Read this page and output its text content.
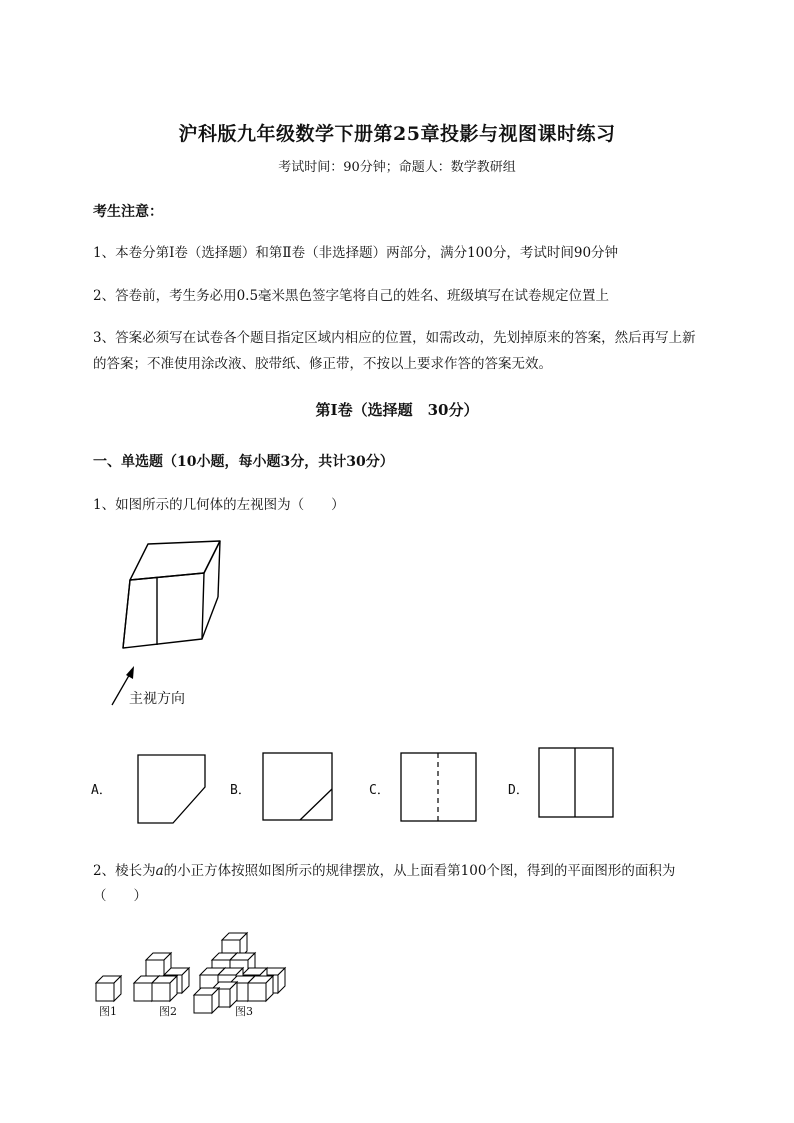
沪科版九年级数学下册第25章投影与视图课时练习
考试时间：90分钟；命题人：数学教研组
考生注意：
1、本卷分第I卷（选择题）和第Ⅱ卷（非选择题）两部分，满分100分，考试时间90分钟
2、答卷前，考生务必用0.5毫米黑色签字笔将自己的姓名、班级填写在试卷规定位置上
3、答案必须写在试卷各个题目指定区域内相应的位置，如需改动，先划掉原来的答案，然后再写上新
的答案；不准使用涂改液、胶带纸、修正带，不按以上要求作答的答案无效。
第I卷（选择题　30分）
一、单选题（10小题，每小题3分，共计30分）
1、如图所示的几何体的左视图为（　　）
主视方向
A．	B．	C．	D．
2、棱长为a的小正方体按照如图所示的规律摆放，从上面看第100个图，得到的平面图形的面积为
（　　）
图1	图2	图3
